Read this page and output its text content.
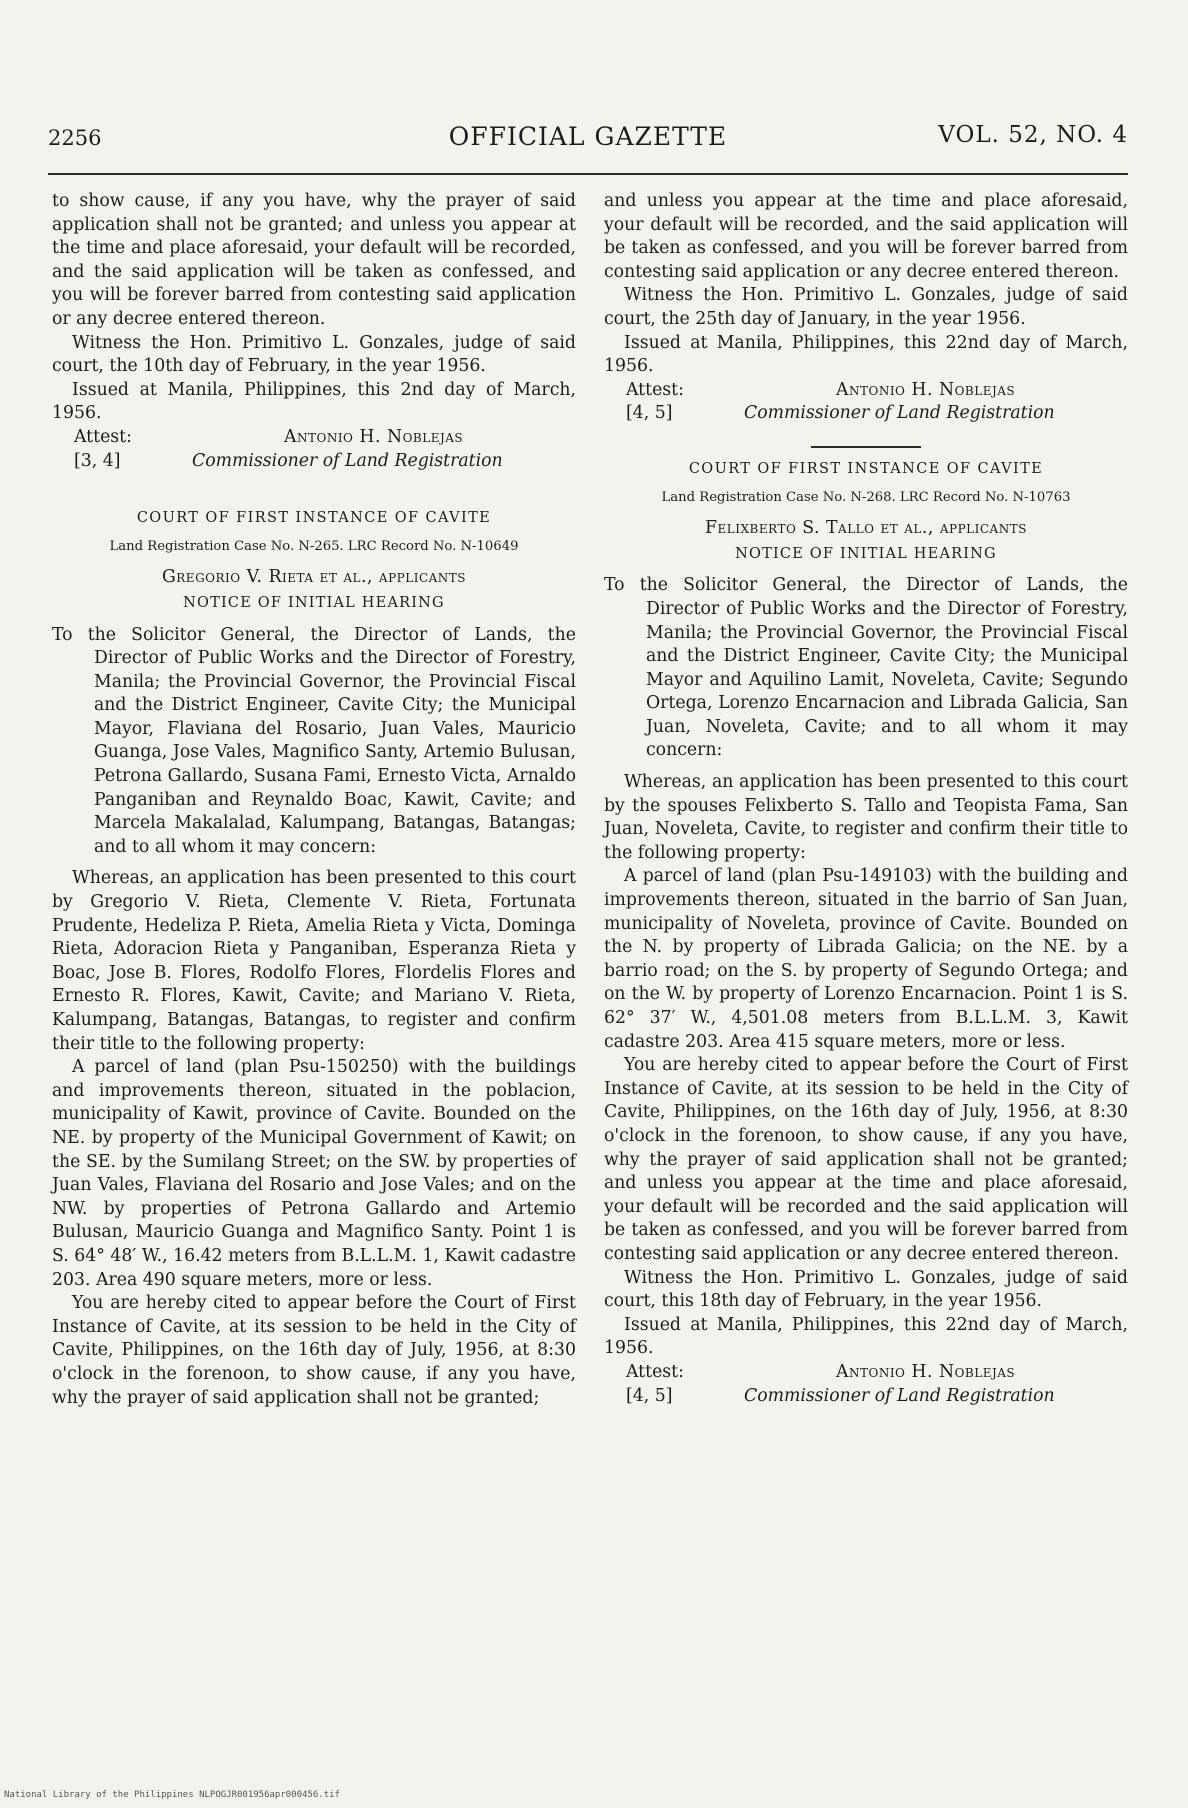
2256	OFFICIAL GAZETTE	VOL. 52, NO. 4

to show cause, if any you have, why the prayer of said application shall not be granted; and unless you appear at the time and place aforesaid, your default will be recorded, and the said application will be taken as confessed, and you will be forever barred from contesting said application or any decree entered thereon.

Witness the Hon. Primitivo L. Gonzales, judge of said court, the 10th day of February, in the year 1956.

Issued at Manila, Philippines, this 2nd day of March, 1956.

Attest:	Antonio H. Noblejas
[3, 4]	Commissioner of Land Registration

COURT OF FIRST INSTANCE OF CAVITE

Land Registration Case No. N-265. LRC Record No. N-10649

Gregorio V. Rieta et al., applicants

NOTICE OF INITIAL HEARING

To the Solicitor General, the Director of Lands, the Director of Public Works and the Director of Forestry, Manila; the Provincial Governor, the Provincial Fiscal and the District Engineer, Cavite City; the Municipal Mayor, Flaviana del Rosario, Juan Vales, Mauricio Guanga, Jose Vales, Magnifico Santy, Artemio Bulusan, Petrona Gallardo, Susana Fami, Ernesto Victa, Arnaldo Panganiban and Reynaldo Boac, Kawit, Cavite; and Marcela Makalalad, Kalumpang, Batangas, Batangas; and to all whom it may concern:

Whereas, an application has been presented to this court by Gregorio V. Rieta, Clemente V. Rieta, Fortunata Prudente, Hedeliza P. Rieta, Amelia Rieta y Victa, Dominga Rieta, Adoracion Rieta y Panganiban, Esperanza Rieta y Boac, Jose B. Flores, Rodolfo Flores, Flordelis Flores and Ernesto R. Flores, Kawit, Cavite; and Mariano V. Rieta, Kalumpang, Batangas, Batangas, to register and confirm their title to the following property:

A parcel of land (plan Psu-150250) with the buildings and improvements thereon, situated in the poblacion, municipality of Kawit, province of Cavite. Bounded on the NE. by property of the Municipal Government of Kawit; on the SE. by the Sumilang Street; on the SW. by properties of Juan Vales, Flaviana del Rosario and Jose Vales; and on the NW. by properties of Petrona Gallardo and Artemio Bulusan, Mauricio Guanga and Magnifico Santy. Point 1 is S. 64° 48′ W., 16.42 meters from B.L.L.M. 1, Kawit cadastre 203. Area 490 square meters, more or less.

You are hereby cited to appear before the Court of First Instance of Cavite, at its session to be held in the City of Cavite, Philippines, on the 16th day of July, 1956, at 8:30 o'clock in the forenoon, to show cause, if any you have, why the prayer of said application shall not be granted;

and unless you appear at the time and place aforesaid, your default will be recorded, and the said application will be taken as confessed, and you will be forever barred from contesting said application or any decree entered thereon.

Witness the Hon. Primitivo L. Gonzales, judge of said court, the 25th day of January, in the year 1956.

Issued at Manila, Philippines, this 22nd day of March, 1956.

Attest:	Antonio H. Noblejas
[4, 5]	Commissioner of Land Registration

COURT OF FIRST INSTANCE OF CAVITE

Land Registration Case No. N-268. LRC Record No. N-10763

Felixberto S. Tallo et al., applicants

NOTICE OF INITIAL HEARING

To the Solicitor General, the Director of Lands, the Director of Public Works and the Director of Forestry, Manila; the Provincial Governor, the Provincial Fiscal and the District Engineer, Cavite City; the Municipal Mayor and Aquilino Lamit, Noveleta, Cavite; Segundo Ortega, Lorenzo Encarnacion and Librada Galicia, San Juan, Noveleta, Cavite; and to all whom it may concern:

Whereas, an application has been presented to this court by the spouses Felixberto S. Tallo and Teopista Fama, San Juan, Noveleta, Cavite, to register and confirm their title to the following property:

A parcel of land (plan Psu-149103) with the building and improvements thereon, situated in the barrio of San Juan, municipality of Noveleta, province of Cavite. Bounded on the N. by property of Librada Galicia; on the NE. by a barrio road; on the S. by property of Segundo Ortega; and on the W. by property of Lorenzo Encarnacion. Point 1 is S. 62° 37′ W., 4,501.08 meters from B.L.L.M. 3, Kawit cadastre 203. Area 415 square meters, more or less.

You are hereby cited to appear before the Court of First Instance of Cavite, at its session to be held in the City of Cavite, Philippines, on the 16th day of July, 1956, at 8:30 o'clock in the forenoon, to show cause, if any you have, why the prayer of said application shall not be granted; and unless you appear at the time and place aforesaid, your default will be recorded and the said application will be taken as confessed, and you will be forever barred from contesting said application or any decree entered thereon.

Witness the Hon. Primitivo L. Gonzales, judge of said court, this 18th day of February, in the year 1956.

Issued at Manila, Philippines, this 22nd day of March, 1956.

Attest:	Antonio H. Noblejas
[4, 5]	Commissioner of Land Registration
National Library of the Philippines NLPOGJR001956apr000456.tif
